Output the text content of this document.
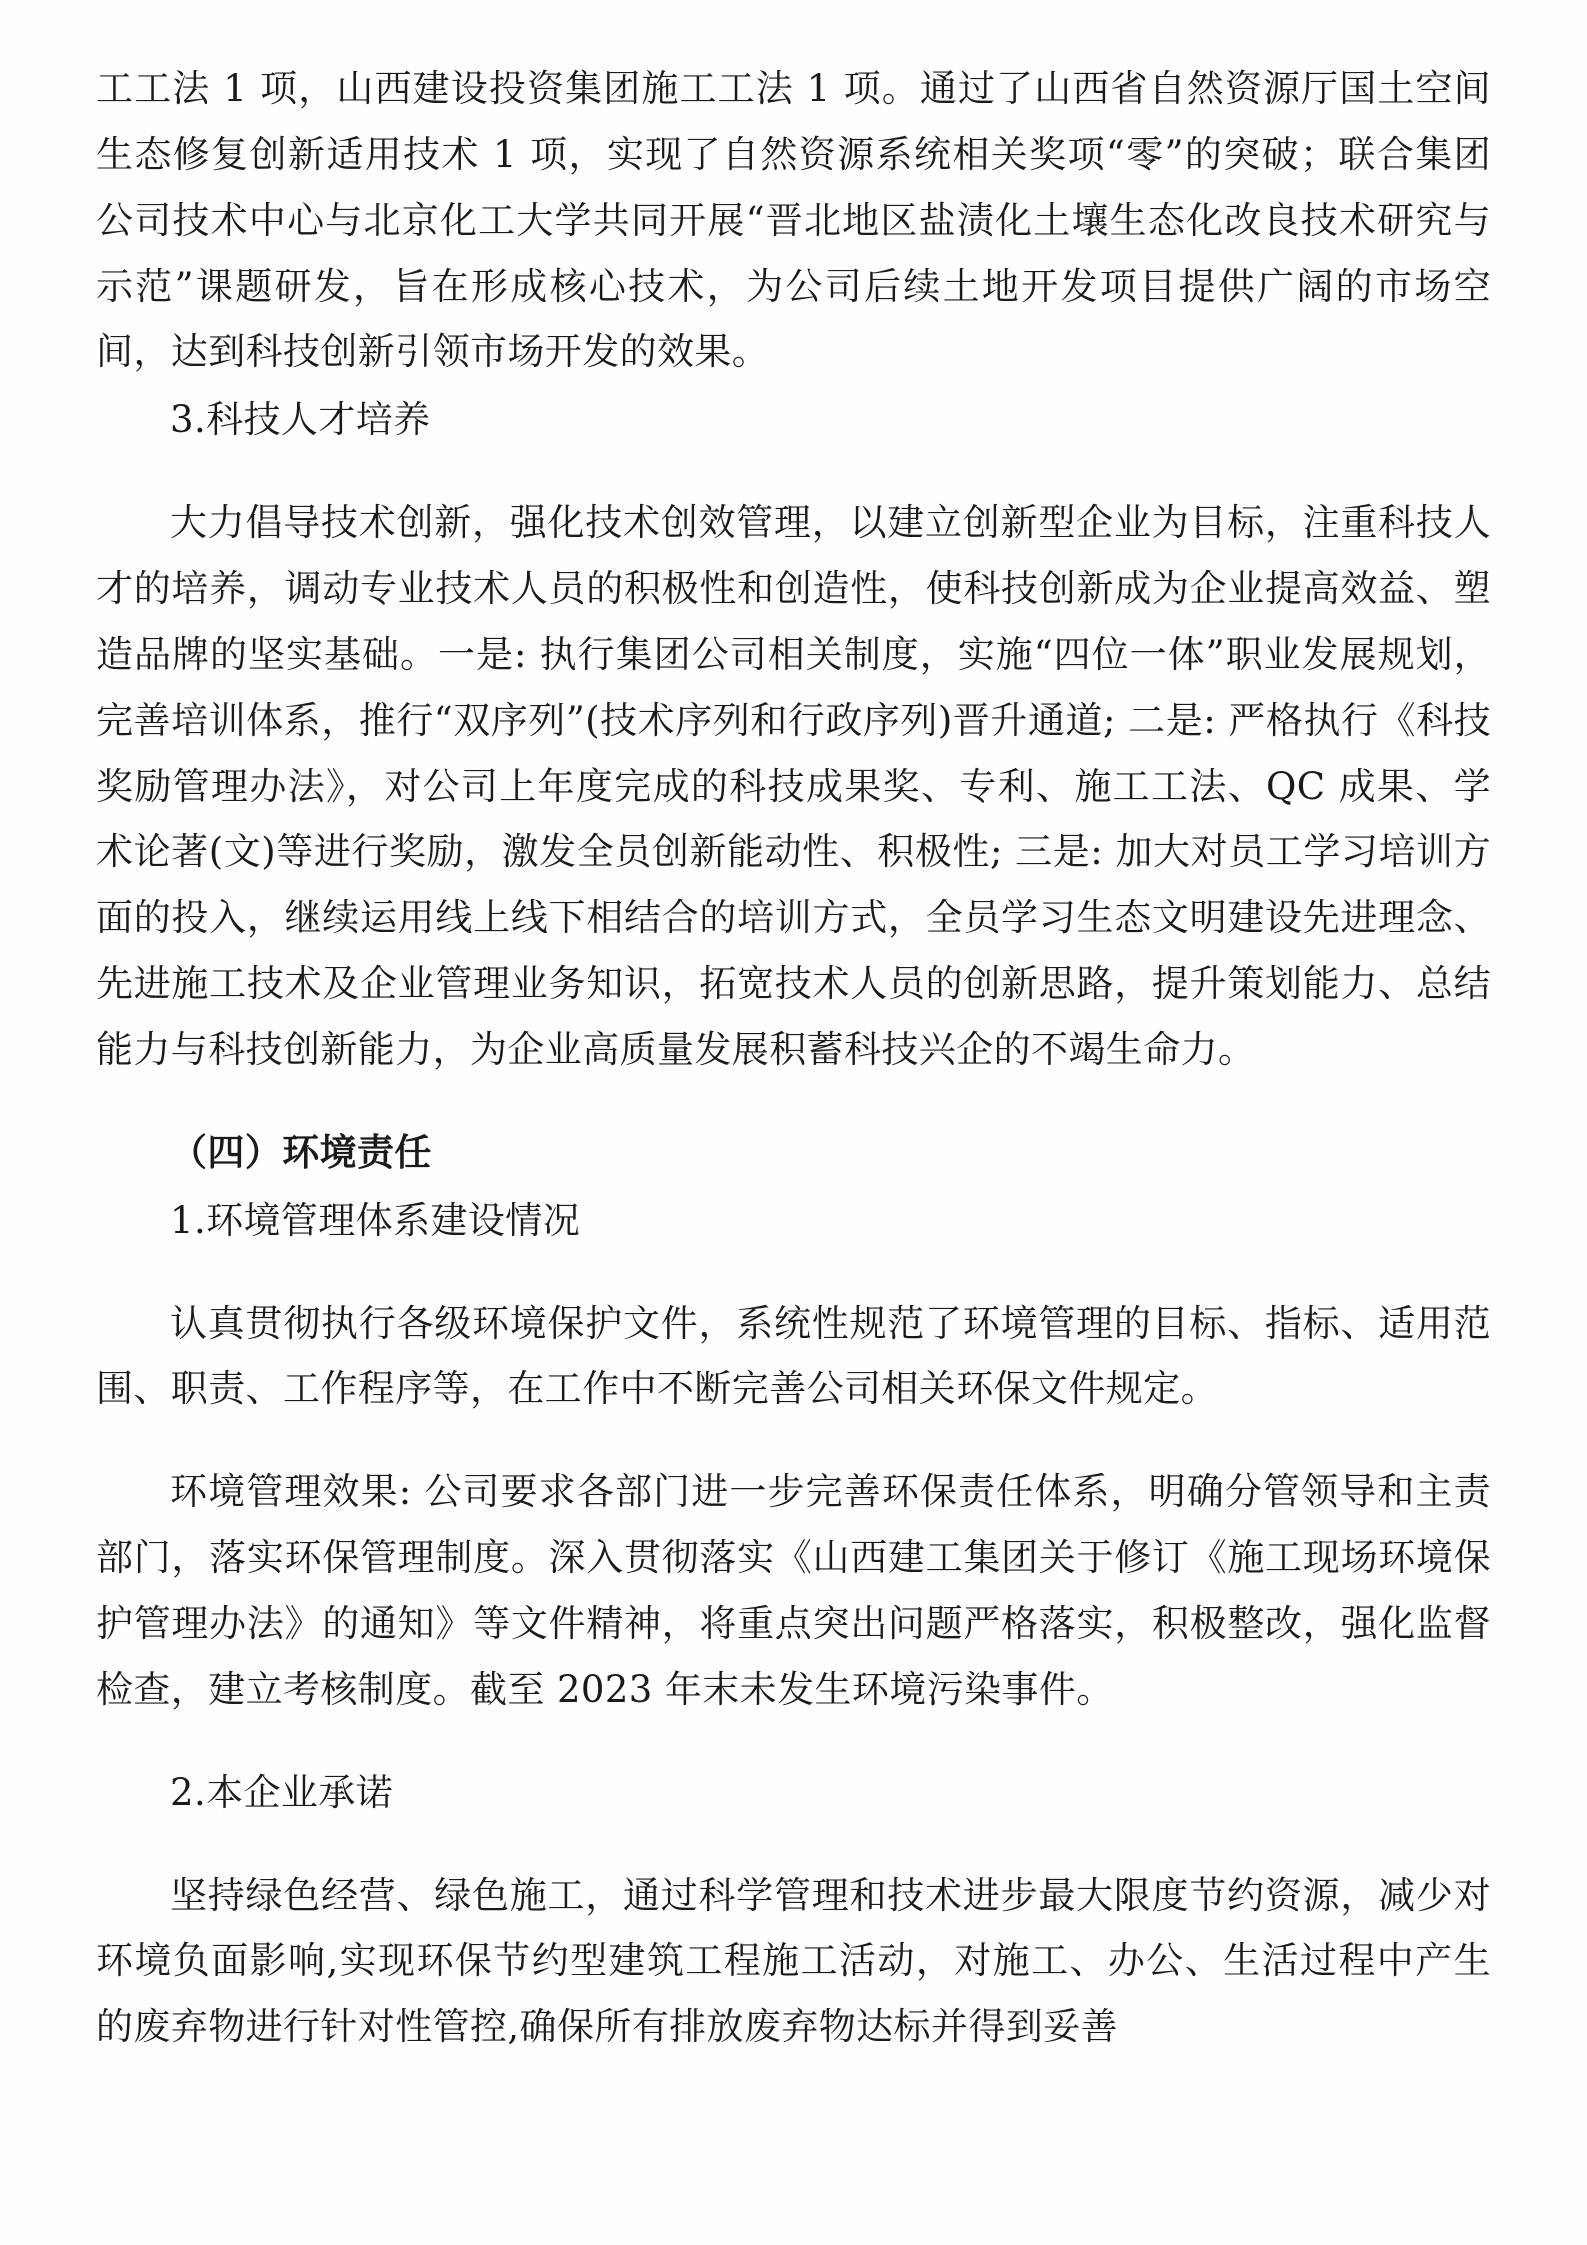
工工法 1 项，山西建设投资集团施工工法 1 项。通过了山西省自然资源厅国土空间生态修复创新适用技术 1 项，实现了自然资源系统相关奖项“零”的突破；联合集团公司技术中心与北京化工大学共同开展“晋北地区盐渍化土壤生态化改良技术研究与示范”课题研发，旨在形成核心技术，为公司后续土地开发项目提供广阔的市场空间，达到科技创新引领市场开发的效果。

3.科技人才培养

大力倡导技术创新，强化技术创效管理，以建立创新型企业为目标，注重科技人才的培养，调动专业技术人员的积极性和创造性，使科技创新成为企业提高效益、塑造品牌的坚实基础。一是: 执行集团公司相关制度，实施“四位一体”职业发展规划，完善培训体系，推行“双序列”(技术序列和行政序列)晋升通道; 二是: 严格执行《科技奖励管理办法》，对公司上年度完成的科技成果奖、专利、施工工法、QC 成果、学术论著(文)等进行奖励，激发全员创新能动性、积极性; 三是: 加大对员工学习培训方面的投入，继续运用线上线下相结合的培训方式，全员学习生态文明建设先进理念、先进施工技术及企业管理业务知识，拓宽技术人员的创新思路，提升策划能力、总结能力与科技创新能力，为企业高质量发展积蓄科技兴企的不竭生命力。

（四）环境责任

1.环境管理体系建设情况

认真贯彻执行各级环境保护文件，系统性规范了环境管理的目标、指标、适用范围、职责、工作程序等，在工作中不断完善公司相关环保文件规定。

环境管理效果: 公司要求各部门进一步完善环保责任体系，明确分管领导和主责部门，落实环保管理制度。深入贯彻落实《山西建工集团关于修订《施工现场环境保护管理办法》的通知》等文件精神，将重点突出问题严格落实，积极整改，强化监督检查，建立考核制度。截至 2023 年末未发生环境污染事件。

2.本企业承诺

坚持绿色经营、绿色施工，通过科学管理和技术进步最大限度节约资源，减少对环境负面影响,实现环保节约型建筑工程施工活动，对施工、办公、生活过程中产生的废弃物进行针对性管控,确保所有排放废弃物达标并得到妥善
